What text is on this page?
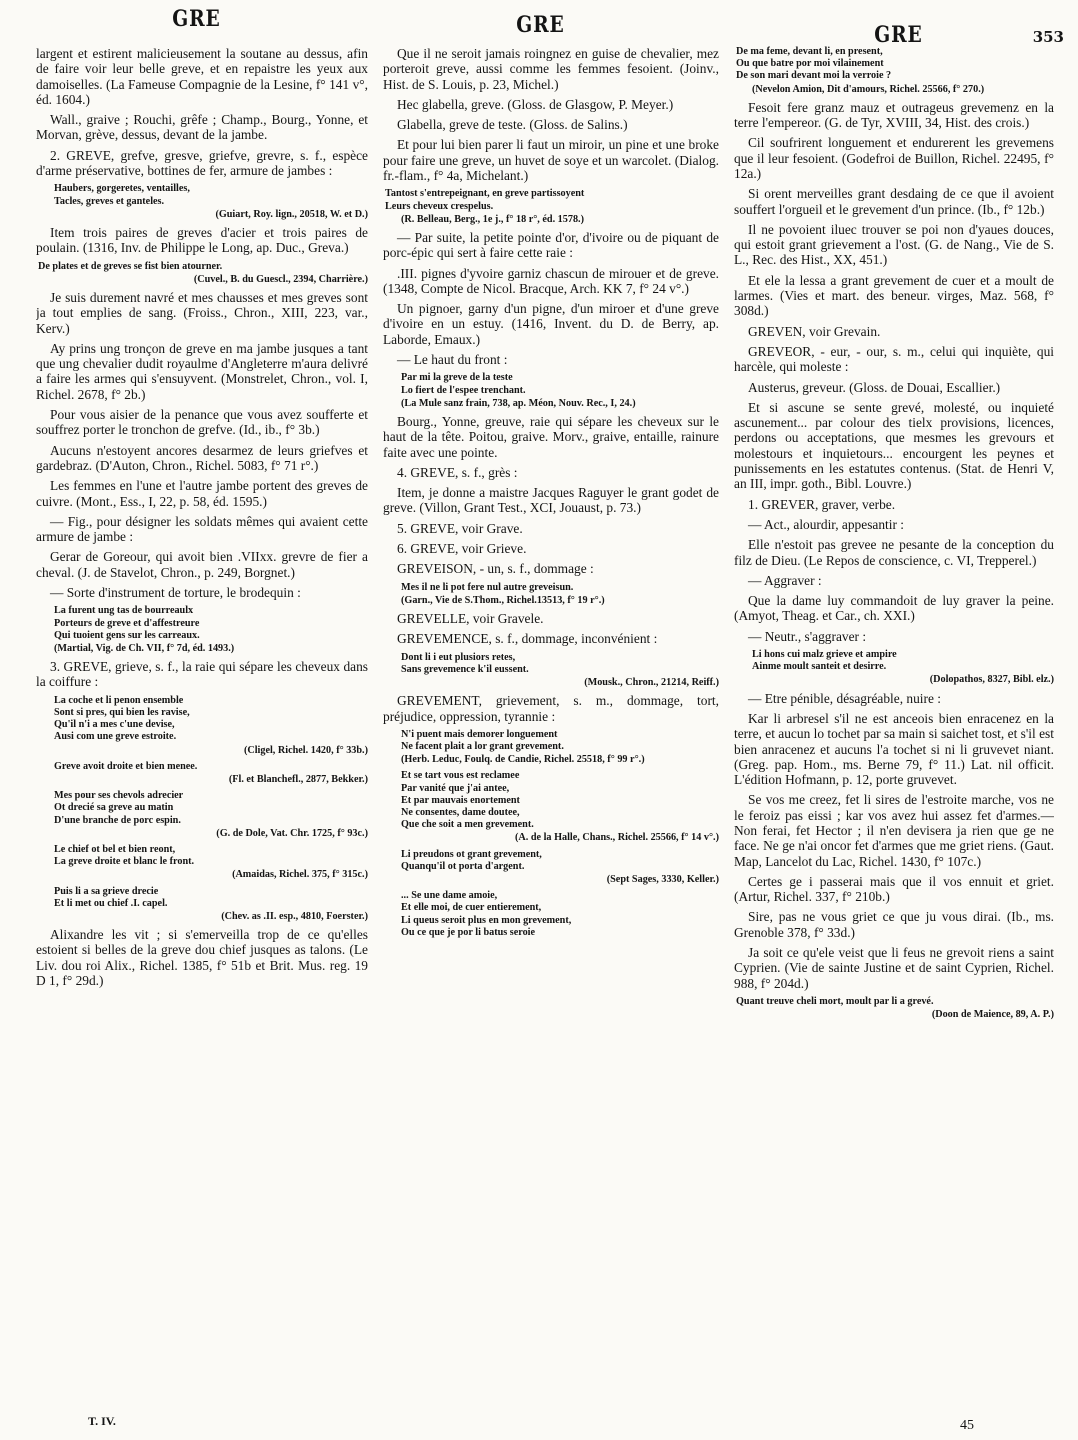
GRE	GRE	GRE	353

largent et estirent malicieusement la soutane au dessus, afin de faire voir leur belle greve, et en repaistre les yeux aux damoiselles. (La Fameuse Compagnie de la Lesine, f° 141 v°, éd. 1604.)

Wall., graive ; Rouchi, grêfe ; Champ., Bourg., Yonne, et Morvan, grève, dessus, devant de la jambe.

2. GREVE, grefve, gresve, griefve, grevre, s. f., espèce d'arme préservative, bottines de fer, armure de jambes :

Haubers, gorgeretes, ventailles,
Tacles, greves et ganteles.

(Guiart, Roy. lign., 20518, W. et D.)

Item trois paires de greves d'acier et trois paires de poulain. (1316, Inv. de Philippe le Long, ap. Duc., Greva.)

De plates et de greves se fist bien atourner.

(Cuvel., B. du Guescl., 2394, Charrière.)

Je suis durement navré et mes chausses et mes greves sont ja tout emplies de sang. (Froiss., Chron., XIII, 223, var., Kerv.)

Ay prins ung tronçon de greve en ma jambe jusques a tant que ung chevalier dudit royaulme d'Angleterre m'aura delivré a faire les armes qui s'ensuyvent. (Monstrelet, Chron., vol. I, Richel. 2678, f° 2b.)

Pour vous aisier de la penance que vous avez soufferte et souffrez porter le tronchon de grefve. (Id., ib., f° 3b.)

Aucuns n'estoyent ancores desarmez de leurs griefves et gardebraz. (D'Auton, Chron., Richel. 5083, f° 71 r°.)

Les femmes en l'une et l'autre jambe portent des greves de cuivre. (Mont., Ess., I, 22, p. 58, éd. 1595.)

— Fig., pour désigner les soldats mêmes qui avaient cette armure de jambe :

Gerar de Goreour, qui avoit bien .VIIxx. grevre de fier a cheval. (J. de Stavelot, Chron., p. 249, Borgnet.)

— Sorte d'instrument de torture, le brodequin :

La furent ung tas de bourreaulx
Porteurs de greve et d'affestreure
Qui tuoient gens sur les carreaux.

(Martial, Vig. de Ch. VII, f° 7d, éd. 1493.)

3. GREVE, grieve, s. f., la raie qui sépare les cheveux dans la coiffure :

La coche et li penon ensemble
Sont si pres, qui bien les ravise,
Qu'il n'i a mes c'une devise,
Ausi com une greve estroite.

(Cligel, Richel. 1420, f° 33b.)

Greve avoit droite et bien menee.

(Fl. et Blanchefl., 2877, Bekker.)

Mes pour ses chevols adrecier
Ot drecié sa greve au matin
D'une branche de porc espin.

(G. de Dole, Vat. Chr. 1725, f° 93c.)

Le chief ot bel et bien reont,
La greve droite et blanc le front.

(Amaidas, Richel. 375, f° 315c.)

Puis li a sa grieve drecie
Et li met ou chief .I. capel.

(Chev. as .II. esp., 4810, Foerster.)

Alixandre les vit ; si s'emerveilla trop de ce qu'elles estoient si belles de la greve dou chief jusques as talons. (Le Liv. dou roi Alix., Richel. 1385, f° 51b et Brit. Mus. reg. 19 D 1, f° 29d.)

Que il ne seroit jamais roingnez en guise de chevalier, mez porteroit greve, aussi comme les femmes fesoient. (Joinv., Hist. de S. Louis, p. 23, Michel.)

Hec glabella, greve. (Gloss. de Glasgow, P. Meyer.)

Glabella, greve de teste. (Gloss. de Salins.)

Et pour lui bien parer li faut un miroir, un pine et une broke pour faire une greve, un huvet de soye et un warcolet. (Dialog. fr.-flam., f° 4a, Michelant.)

Tantost s'entrepeignant, en greve partissoyent
Leurs cheveux crespelus.

(R. Belleau, Berg., 1e j., f° 18 r°, éd. 1578.)

— Par suite, la petite pointe d'or, d'ivoire ou de piquant de porc-épic qui sert à faire cette raie :

.III. pignes d'yvoire garniz chascun de mirouer et de greve. (1348, Compte de Nicol. Bracque, Arch. KK 7, f° 24 v°.)

Un pignoer, garny d'un pigne, d'un miroer et d'une greve d'ivoire en un estuy. (1416, Invent. du D. de Berry, ap. Laborde, Emaux.)

— Le haut du front :

Par mi la greve de la teste
Lo fiert de l'espee trenchant.

(La Mule sanz frain, 738, ap. Méon, Nouv. Rec., I, 24.)

Bourg., Yonne, greuve, raie qui sépare les cheveux sur le haut de la tête. Poitou, graive. Morv., graive, entaille, rainure faite avec une pointe.

4. GREVE, s. f., grès :

Item, je donne a maistre Jacques Raguyer le grant godet de greve. (Villon, Grant Test., XCI, Jouaust, p. 73.)

5. GREVE, voir Grave.

6. GREVE, voir Grieve.

GREVEISON, - un, s. f., dommage :

Mes il ne li pot fere nul autre greveisun.

(Garn., Vie de S.Thom., Richel.13513, f° 19 r°.)

GREVELLE, voir Gravele.

GREVEMENCE, s. f., dommage, inconvénient :

Dont li i eut plusiors retes,
Sans grevemence k'il eussent.

(Mousk., Chron., 21214, Reiff.)

GREVEMENT, grievement, s. m., dommage, tort, préjudice, oppression, tyrannie :

N'i puent mais demorer longuement
Ne facent plait a lor grant grevement.

(Herb. Leduc, Foulq. de Candie, Richel. 25518, f° 99 r°.)

Et se tart vous est reclamee
Par vanité que j'ai antee,
Et par mauvais enortement
Ne consentes, dame doutee,
Que che soit a men grevement.

(A. de la Halle, Chans., Richel. 25566, f° 14 v°.)

Li preudons ot grant grevement,
Quanqu'il ot porta d'argent.

(Sept Sages, 3330, Keller.)

... Se une dame amoie,
Et elle moi, de cuer entierement,
Li queus seroit plus en mon grevement,
Ou ce que je por li batus seroie

De ma feme, devant li, en present,
Ou que batre por moi vilainement
De son mari devant moi la verroie ?

(Nevelon Amion, Dit d'amours, Richel. 25566, f° 270.)

Fesoit fere granz mauz et outrageus grevemenz en la terre l'empereor. (G. de Tyr, XVIII, 34, Hist. des crois.)

Cil soufrirent longuement et endurerent les grevemens que il leur fesoient. (Godefroi de Buillon, Richel. 22495, f° 12a.)

Si orent merveilles grant desdaing de ce que il avoient souffert l'orgueil et le grevement d'un prince. (Ib., f° 12b.)

Il ne povoient iluec trouver se poi non d'yaues douces, qui estoit grant grievement a l'ost. (G. de Nang., Vie de S. L., Rec. des Hist., XX, 451.)

Et ele la lessa a grant grevement de cuer et a moult de larmes. (Vies et mart. des beneur. virges, Maz. 568, f° 308d.)

GREVEN, voir Grevain.

GREVEOR, - eur, - our, s. m., celui qui inquiète, qui harcèle, qui moleste :

Austerus, greveur. (Gloss. de Douai, Escallier.)

Et si ascune se sente grevé, molesté, ou inquieté ascunement... par colour des tielx provisions, licences, perdons ou acceptations, que mesmes les grevours et molestours et inquietours... encourgent les peynes et punissements en les estatutes contenus. (Stat. de Henri V, an III, impr. goth., Bibl. Louvre.)

1. GREVER, graver, verbe.

— Act., alourdir, appesantir :

Elle n'estoit pas grevee ne pesante de la conception du filz de Dieu. (Le Repos de conscience, c. VI, Trepperel.)

— Aggraver :

Que la dame luy commandoit de luy graver la peine. (Amyot, Theag. et Car., ch. XXI.)

— Neutr., s'aggraver :

Li hons cui malz grieve et ampire
Ainme moult santeit et desirre.

(Dolopathos, 8327, Bibl. elz.)

— Etre pénible, désagréable, nuire :

Kar li arbresel s'il ne est anceois bien enracenez en la terre, et aucun lo tochet par sa main si saichet tost, et s'il est bien anracenez et aucuns l'a tochet si ni li gruvevet niant. (Greg. pap. Hom., ms. Berne 79, f° 11.) Lat. nil officit. L'édition Hofmann, p. 12, porte gruvevet.

Se vos me creez, fet li sires de l'estroite marche, vos ne le feroiz pas eissi ; kar vos avez hui assez fet d'armes.—Non ferai, fet Hector ; il n'en devisera ja rien que ge ne face. Ne ge n'ai oncor fet d'armes que me griet riens. (Gaut. Map, Lancelot du Lac, Richel. 1430, f° 107c.)

Certes ge i passerai mais que il vos ennuit et griet. (Artur, Richel. 337, f° 210b.)

Sire, pas ne vous griet ce que ju vous dirai. (Ib., ms. Grenoble 378, f° 33d.)

Ja soit ce qu'ele veist que li feus ne grevoit riens a saint Cyprien. (Vie de sainte Justine et de saint Cyprien, Richel. 988, f° 204d.)

Quant treuve cheli mort, moult par li a grevé.

(Doon de Maience, 89, A. P.)

T. IV.	45
